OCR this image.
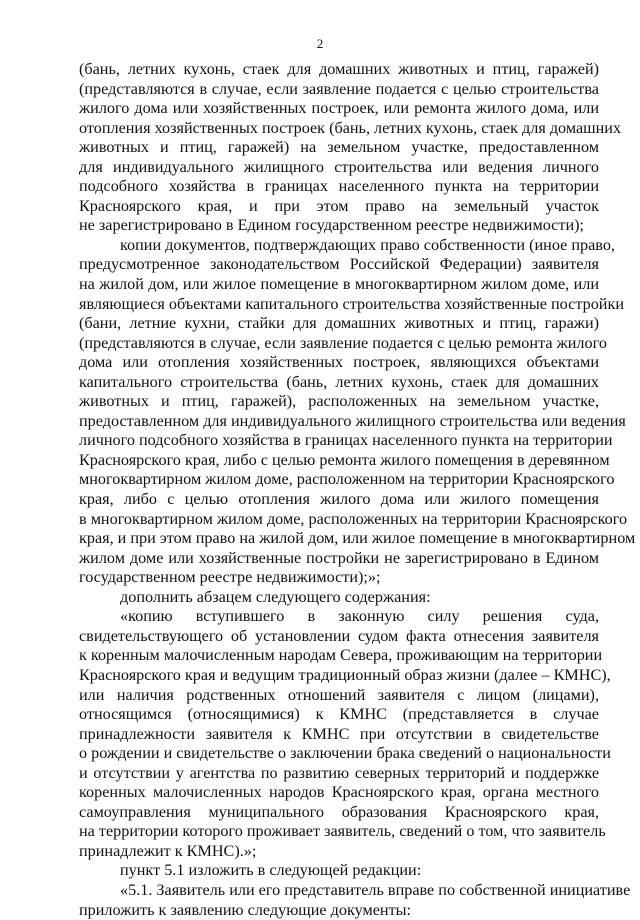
2
(бань, летних кухонь, стаек для домашних животных и птиц, гаражей)
(представляются в случае, если заявление подается с целью строительства
жилого дома или хозяйственных построек, или ремонта жилого дома, или
отопления хозяйственных построек (бань, летних кухонь, стаек для домашних
животных и птиц, гаражей) на земельном участке, предоставленном
для индивидуального жилищного строительства или ведения личного
подсобного хозяйства в границах населенного пункта на территории
Красноярского края, и при этом право на земельный участок
не зарегистрировано в Едином государственном реестре недвижимости);
копии документов, подтверждающих право собственности (иное право,
предусмотренное законодательством Российской Федерации) заявителя
на жилой дом, или жилое помещение в многоквартирном жилом доме, или
являющиеся объектами капитального строительства хозяйственные постройки
(бани, летние кухни, стайки для домашних животных и птиц, гаражи)
(представляются в случае, если заявление подается с целью ремонта жилого
дома или отопления хозяйственных построек, являющихся объектами
капитального строительства (бань, летних кухонь, стаек для домашних
животных и птиц, гаражей), расположенных на земельном участке,
предоставленном для индивидуального жилищного строительства или ведения
личного подсобного хозяйства в границах населенного пункта на территории
Красноярского края, либо с целью ремонта жилого помещения в деревянном
многоквартирном жилом доме, расположенном на территории Красноярского
края, либо с целью отопления жилого дома или жилого помещения
в многоквартирном жилом доме, расположенных на территории Красноярского
края, и при этом право на жилой дом, или жилое помещение в многоквартирном
жилом доме или хозяйственные постройки не зарегистрировано в Едином
государственном реестре недвижимости);»;
дополнить абзацем следующего содержания:
«копию вступившего в законную силу решения суда,
свидетельствующего об установлении судом факта отнесения заявителя
к коренным малочисленным народам Севера, проживающим на территории
Красноярского края и ведущим традиционный образ жизни (далее – КМНС),
или наличия родственных отношений заявителя с лицом (лицами),
относящимся (относящимися) к КМНС (представляется в случае
принадлежности заявителя к КМНС при отсутствии в свидетельстве
о рождении и свидетельстве о заключении брака сведений о национальности
и отсутствии у агентства по развитию северных территорий и поддержке
коренных малочисленных народов Красноярского края, органа местного
самоуправления муниципального образования Красноярского края,
на территории которого проживает заявитель, сведений о том, что заявитель
принадлежит к КМНС).»;
пункт 5.1 изложить в следующей редакции:
«5.1. Заявитель или его представитель вправе по собственной инициативе
приложить к заявлению следующие документы:
